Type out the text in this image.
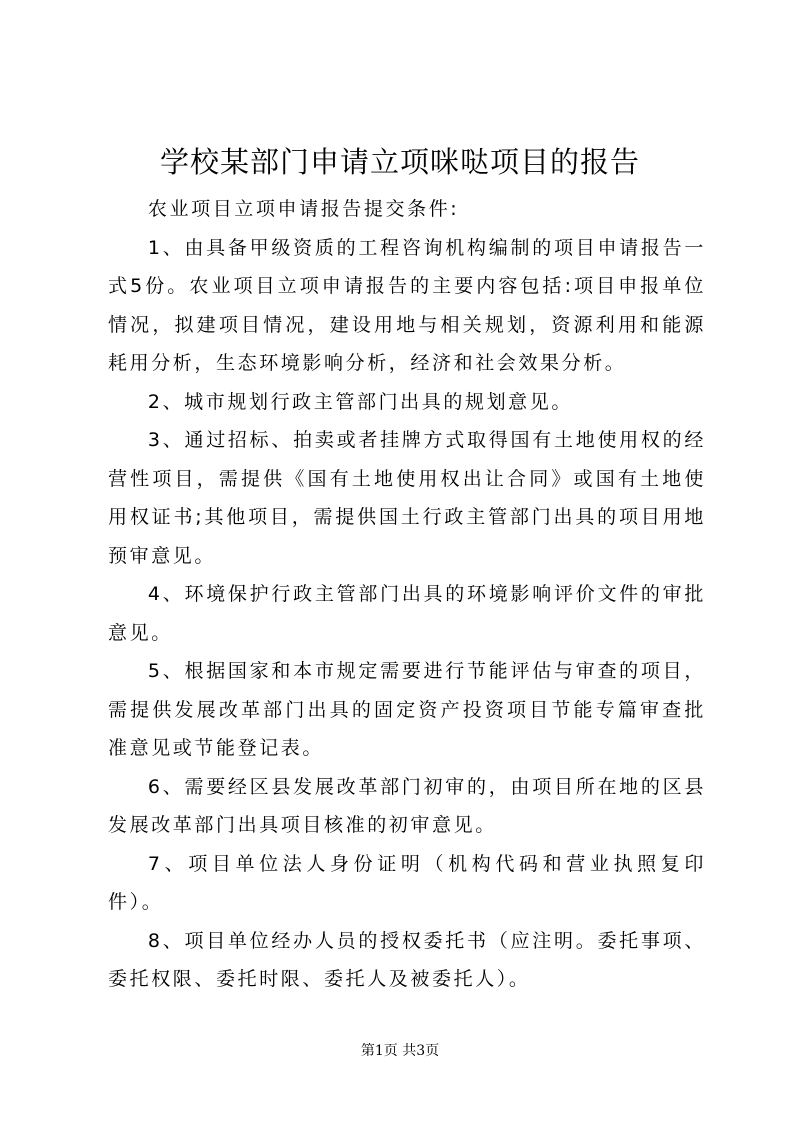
学校某部门申请立项咪哒项目的报告

农业项目立项申请报告提交条件:

1、由具备甲级资质的工程咨询机构编制的项目申请报告一式5份。农业项目立项申请报告的主要内容包括:项目申报单位情况，拟建项目情况，建设用地与相关规划，资源利用和能源耗用分析，生态环境影响分析，经济和社会效果分析。

2、城市规划行政主管部门出具的规划意见。

3、通过招标、拍卖或者挂牌方式取得国有土地使用权的经营性项目，需提供《国有土地使用权出让合同》或国有土地使用权证书;其他项目，需提供国土行政主管部门出具的项目用地预审意见。

4、环境保护行政主管部门出具的环境影响评价文件的审批意见。

5、根据国家和本市规定需要进行节能评估与审查的项目，需提供发展改革部门出具的固定资产投资项目节能专篇审查批准意见或节能登记表。

6、需要经区县发展改革部门初审的，由项目所在地的区县发展改革部门出具项目核准的初审意见。

7、项目单位法人身份证明（机构代码和营业执照复印件）。

8、项目单位经办人员的授权委托书（应注明。委托事项、委托权限、委托时限、委托人及被委托人）。

第1页 共3页
